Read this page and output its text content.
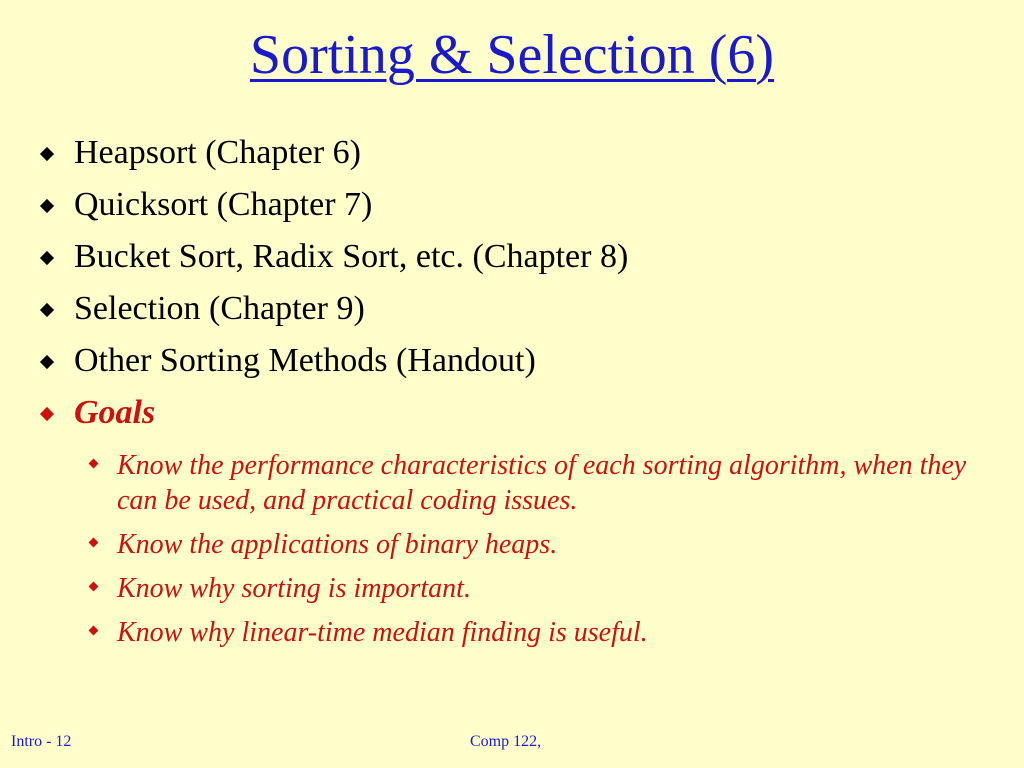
Sorting & Selection (6)
Heapsort (Chapter 6)
Quicksort (Chapter 7)
Bucket Sort, Radix Sort, etc. (Chapter 8)
Selection (Chapter 9)
Other Sorting Methods (Handout)
Goals
Know the performance characteristics of each sorting algorithm, when they can be used, and practical coding issues.
Know the applications of binary heaps.
Know why sorting is important.
Know why linear-time median finding is useful.
Intro - 12	Comp 122,
